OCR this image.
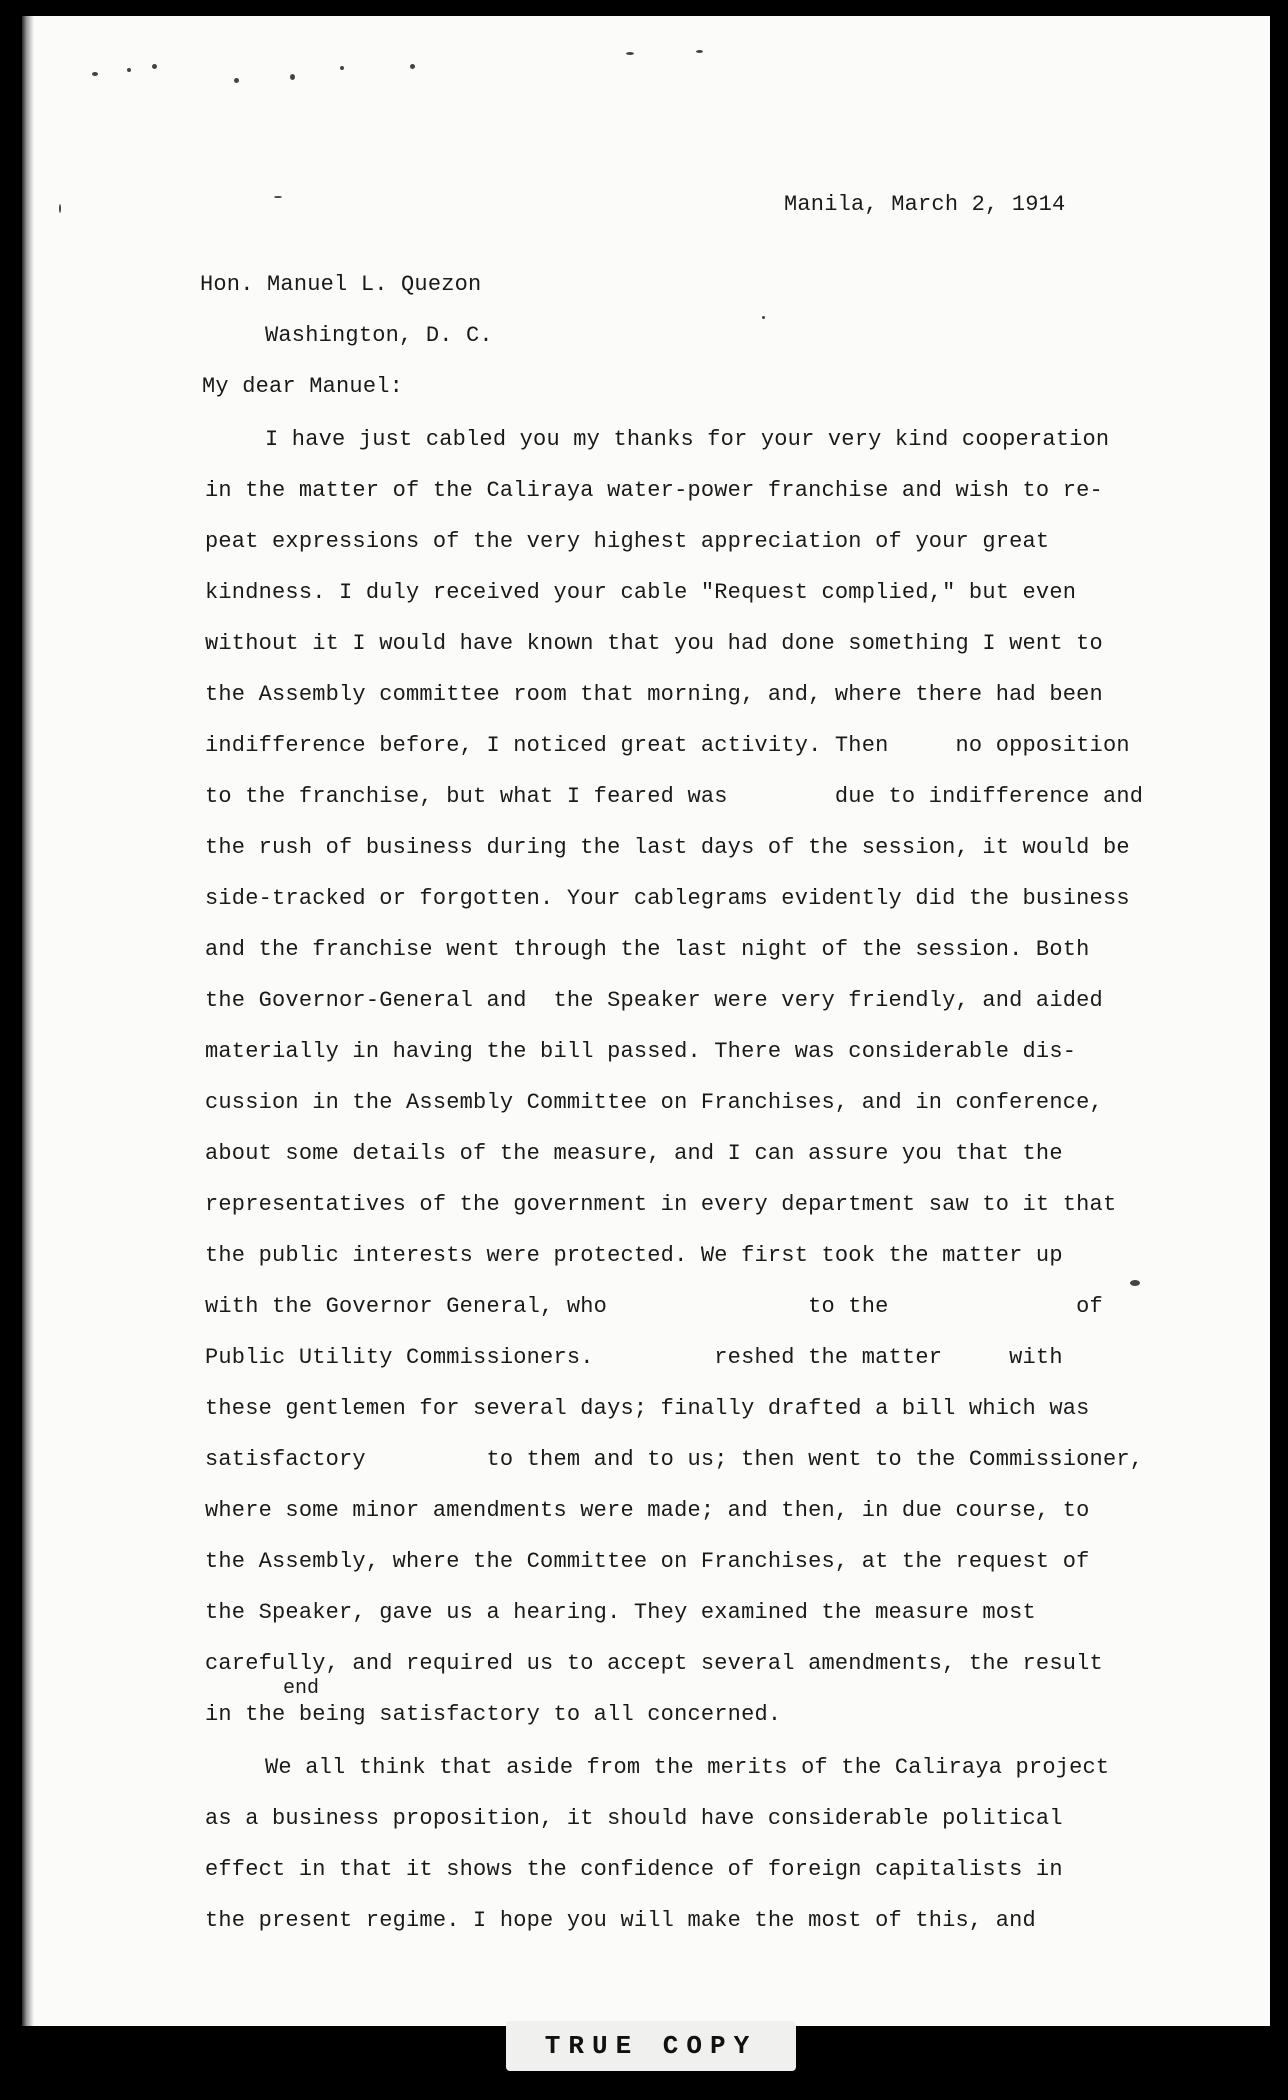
Manila, March 2, 1914
Hon. Manuel L. Quezon
Washington, D. C.
My dear Manuel:
I have just cabled you my thanks for your very kind cooperation
in the matter of the Caliraya water-power franchise and wish to re-
peat expressions of the very highest appreciation of your great
kindness. I duly received your cable "Request complied," but even
without it I would have known that you had done something I went to
the Assembly committee room that morning, and, where there had been
indifference before, I noticed great activity. Then     no opposition
to the franchise, but what I feared was        due to indifference and
the rush of business during the last days of the session, it would be
side-tracked or forgotten. Your cablegrams evidently did the business
and the franchise went through the last night of the session. Both
the Governor-General and  the Speaker were very friendly, and aided
materially in having the bill passed. There was considerable dis-
cussion in the Assembly Committee on Franchises, and in conference,
about some details of the measure, and I can assure you that the
representatives of the government in every department saw to it that
the public interests were protected. We first took the matter up
with the Governor General, who               to the              of
Public Utility Commissioners.         reshed the matter     with
these gentlemen for several days; finally drafted a bill which was
satisfactory         to them and to us; then went to the Commissioner,
where some minor amendments were made; and then, in due course, to
the Assembly, where the Committee on Franchises, at the request of
the Speaker, gave us a hearing. They examined the measure most
carefully, and required us to accept several amendments, the result
in the being satisfactory to all concerned.
end
We all think that aside from the merits of the Caliraya project
as a business proposition, it should have considerable political
effect in that it shows the confidence of foreign capitalists in
the present regime. I hope you will make the most of this, and
TRUE COPY
